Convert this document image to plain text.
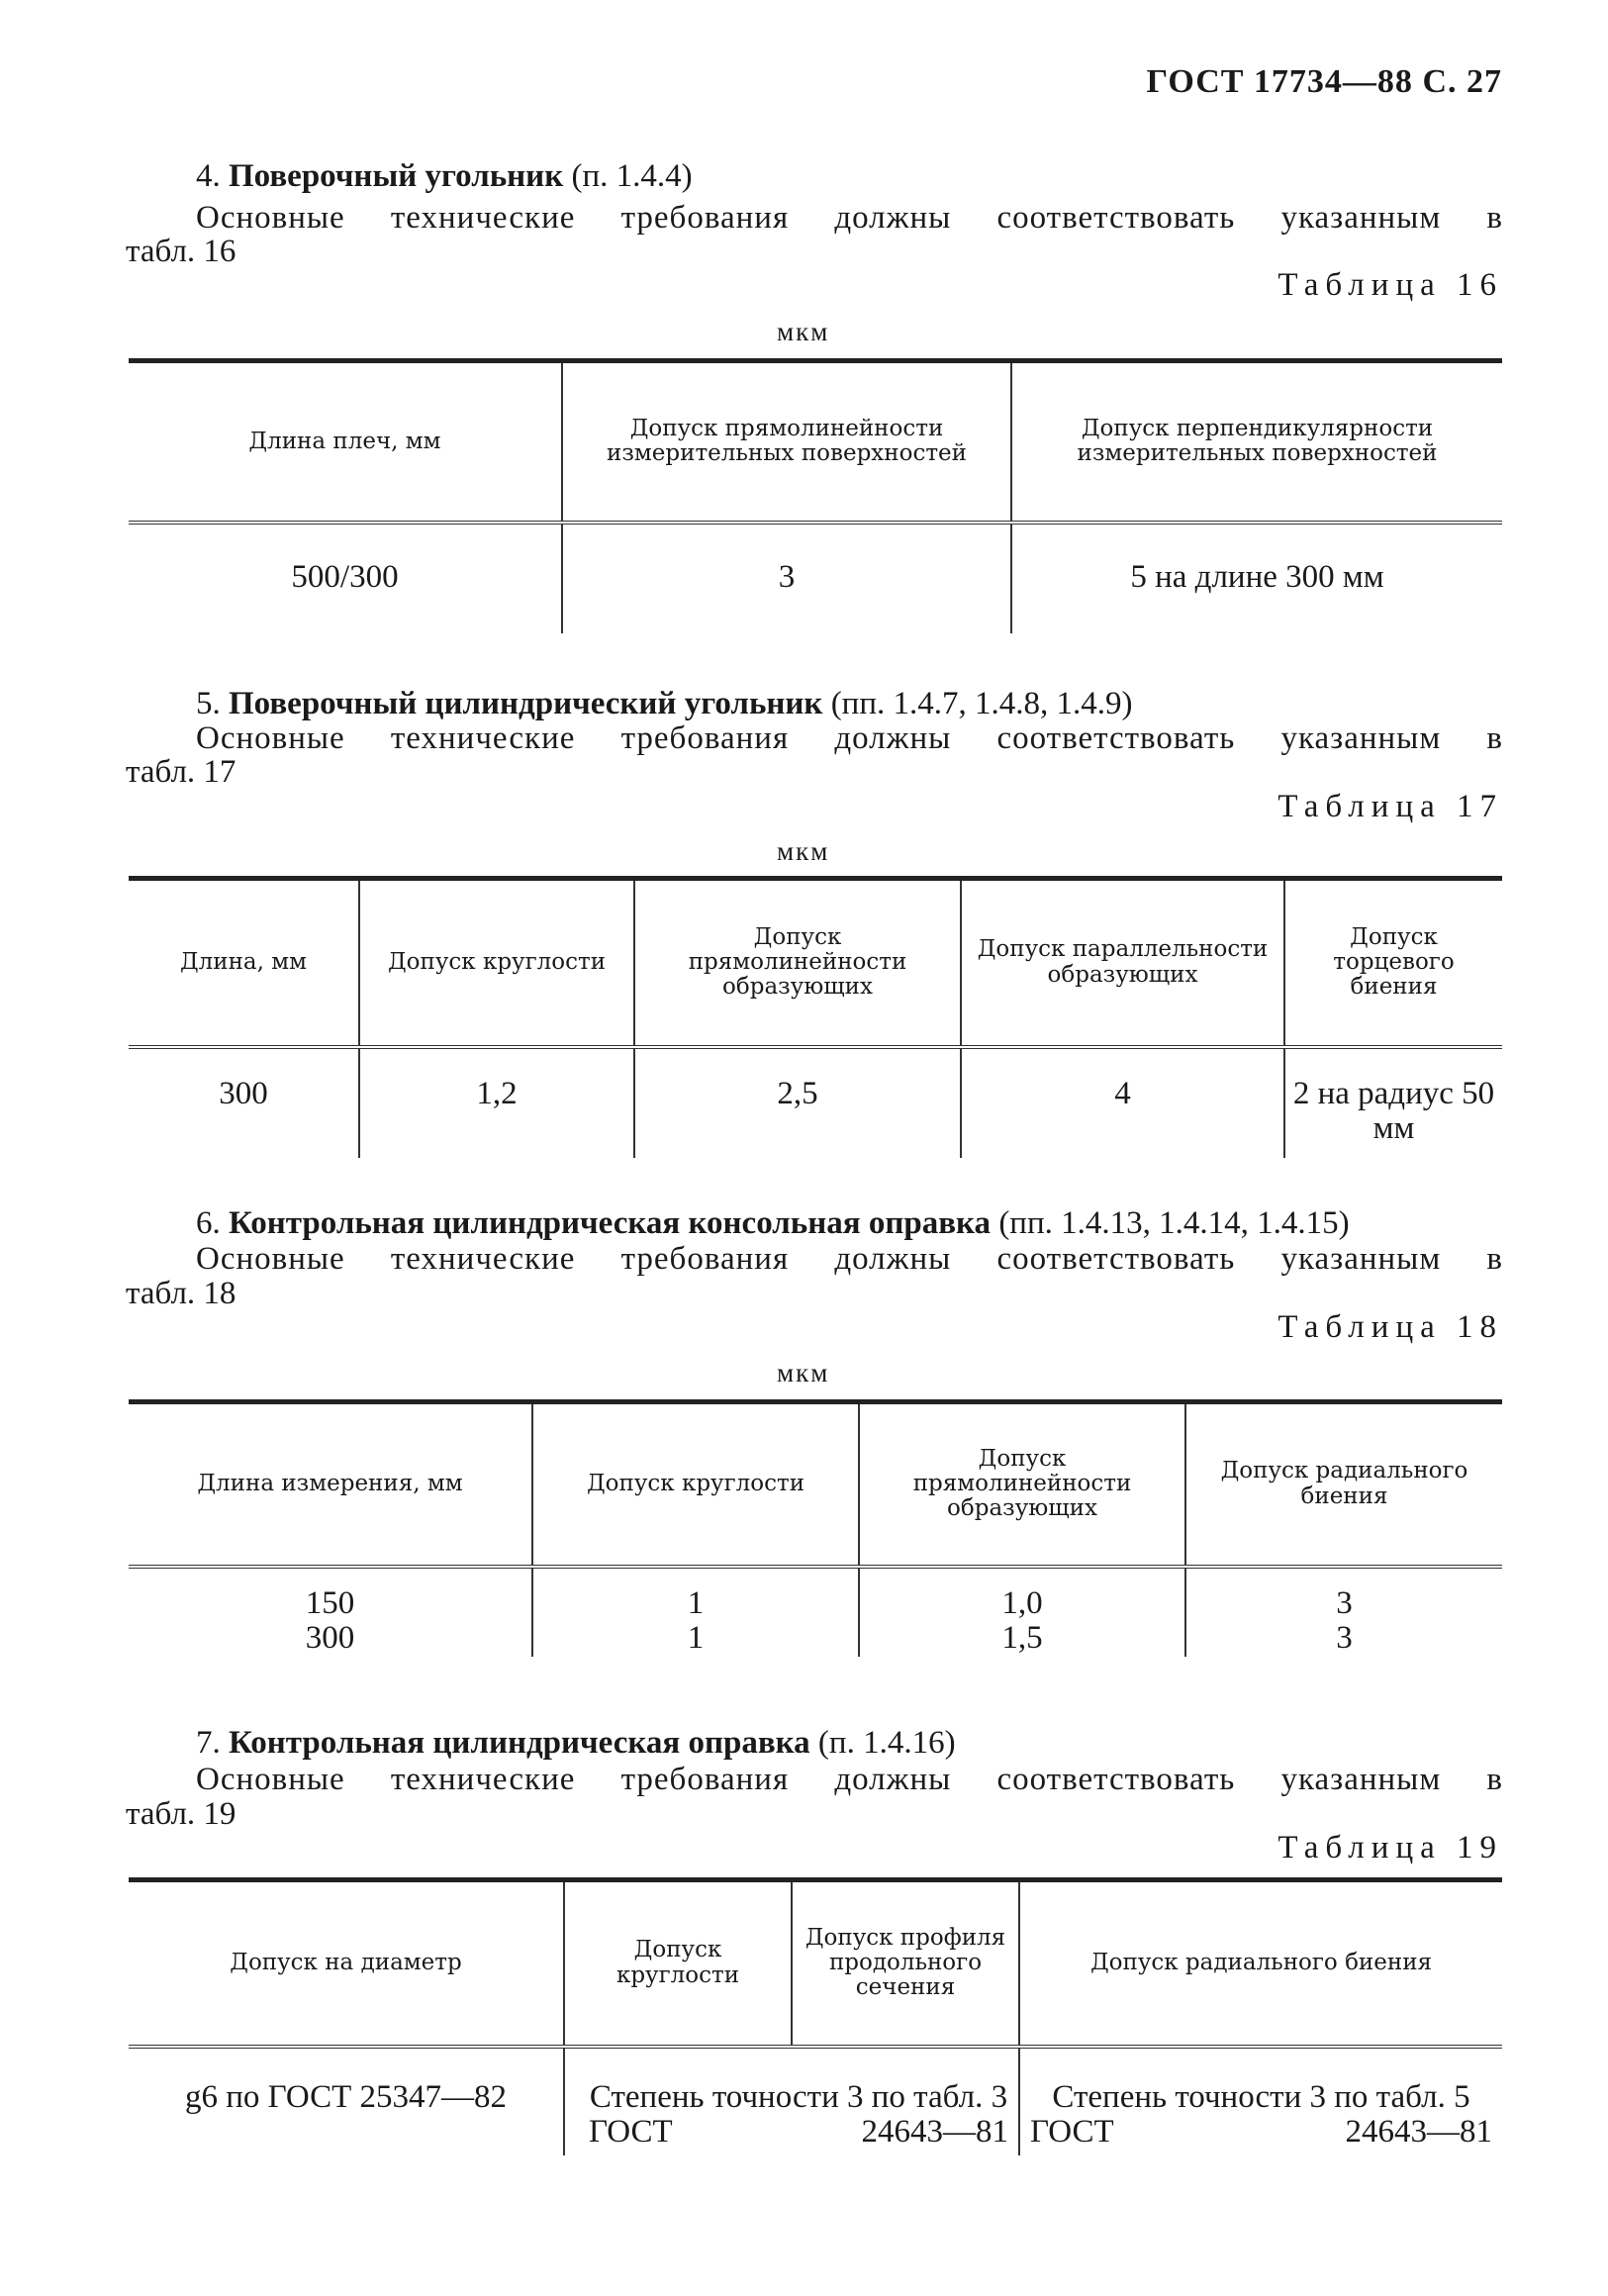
ГОСТ 17734—88 С. 27
4. Поверочный угольник (п. 1.4.4)
Основные технические требования должны соответствовать указанным в
табл. 16
Таблица 16
мкм
Длина плеч, мм	Допуск прямолинейности измерительных поверхностей	Допуск перпендикулярности измерительных поверхностей
500/300	3	5 на длине 300 мм
5. Поверочный цилиндрический угольник (пп. 1.4.7, 1.4.8, 1.4.9)
Основные технические требования должны соответствовать указанным в
табл. 17
Таблица 17
мкм
Длина, мм	Допуск круглости	Допуск прямолинейности образующих	Допуск параллельности образующих	Допуск торцевого биения
300	1,2	2,5	4	2 на радиус 50 мм
6. Контрольная цилиндрическая консольная оправка (пп. 1.4.13, 1.4.14, 1.4.15)
Основные технические требования должны соответствовать указанным в
табл. 18
Таблица 18
мкм
Длина измерения, мм	Допуск круглости	Допуск прямолинейности образующих	Допуск радиального биения
150	1	1,0	3
300	1	1,5	3
7. Контрольная цилиндрическая оправка (п. 1.4.16)
Основные технические требования должны соответствовать указанным в
табл. 19
Таблица 19
Допуск на диаметр	Допуск круглости	Допуск профиля продольного сечения	Допуск радиального биения
g6 по ГОСТ 25347—82	Степень точности 3 по табл. 3 ГОСТ 24643—81		Степень точности 3 по табл. 5 ГОСТ 24643—81
